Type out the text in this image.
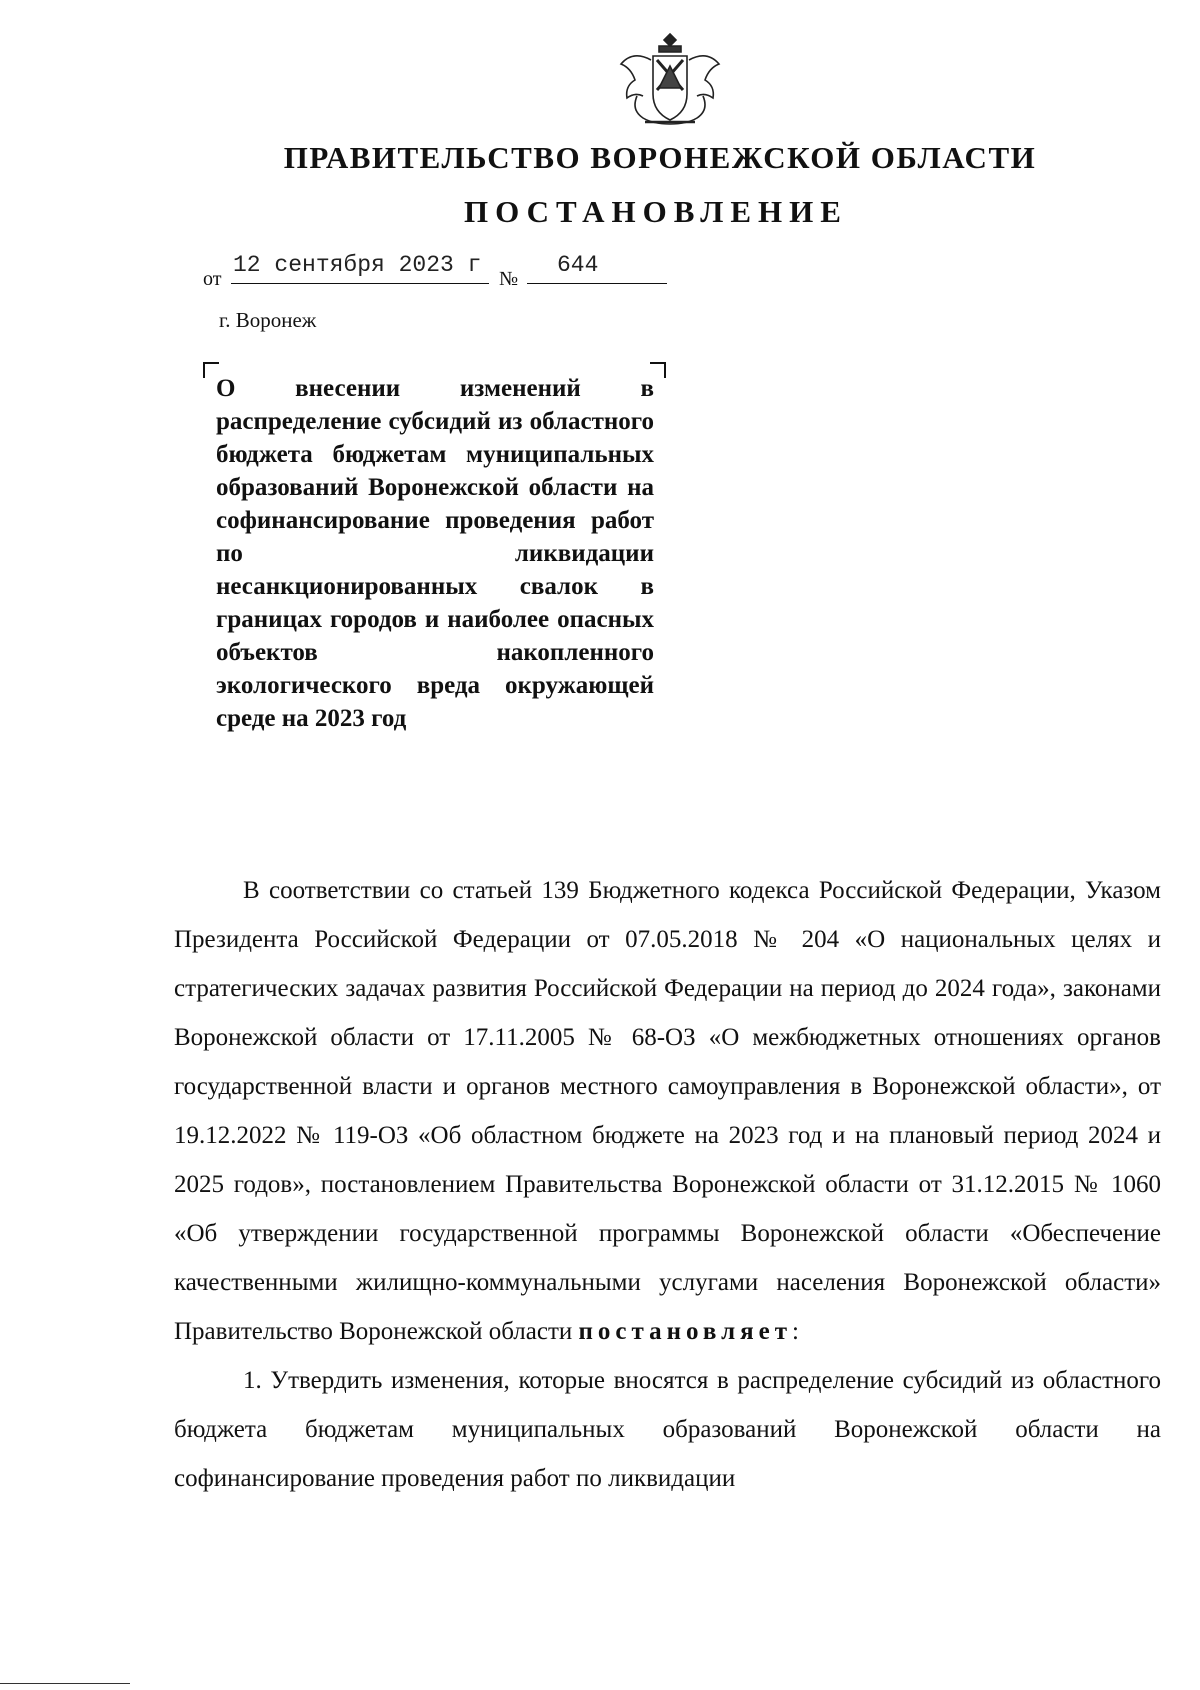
ПРАВИТЕЛЬСТВО ВОРОНЕЖСКОЙ ОБЛАСТИ
ПОСТАНОВЛЕНИЕ
от
12 сентября 2023 г
№
644
г. Воронеж

О внесении изменений в распределение субсидий из областного бюджета бюджетам муниципальных образований Воронежской области на софинансирование проведения работ по ликвидации несанкционированных свалок в границах городов и наиболее опасных объектов накопленного экологического вреда окружающей среде на 2023 год

В соответствии со статьей 139 Бюджетного кодекса Российской Федерации, Указом Президента Российской Федерации от 07.05.2018 № 204 «О национальных целях и стратегических задачах развития Российской Федерации на период до 2024 года», законами Воронежской области от 17.11.2005 № 68-ОЗ «О межбюджетных отношениях органов государственной власти и органов местного самоуправления в Воронежской области», от 19.12.2022 № 119-ОЗ «Об областном бюджете на 2023 год и на плановый период 2024 и 2025 годов», постановлением Правительства Воронежской области от 31.12.2015 № 1060 «Об утверждении государственной программы Воронежской области «Обеспечение качественными жилищно-коммунальными услугами населения Воронежской области» Правительство Воронежской области постановляет:

1. Утвердить изменения, которые вносятся в распределение субсидий из областного бюджета бюджетам муниципальных образований Воронежской области на софинансирование проведения работ по ликвидации
